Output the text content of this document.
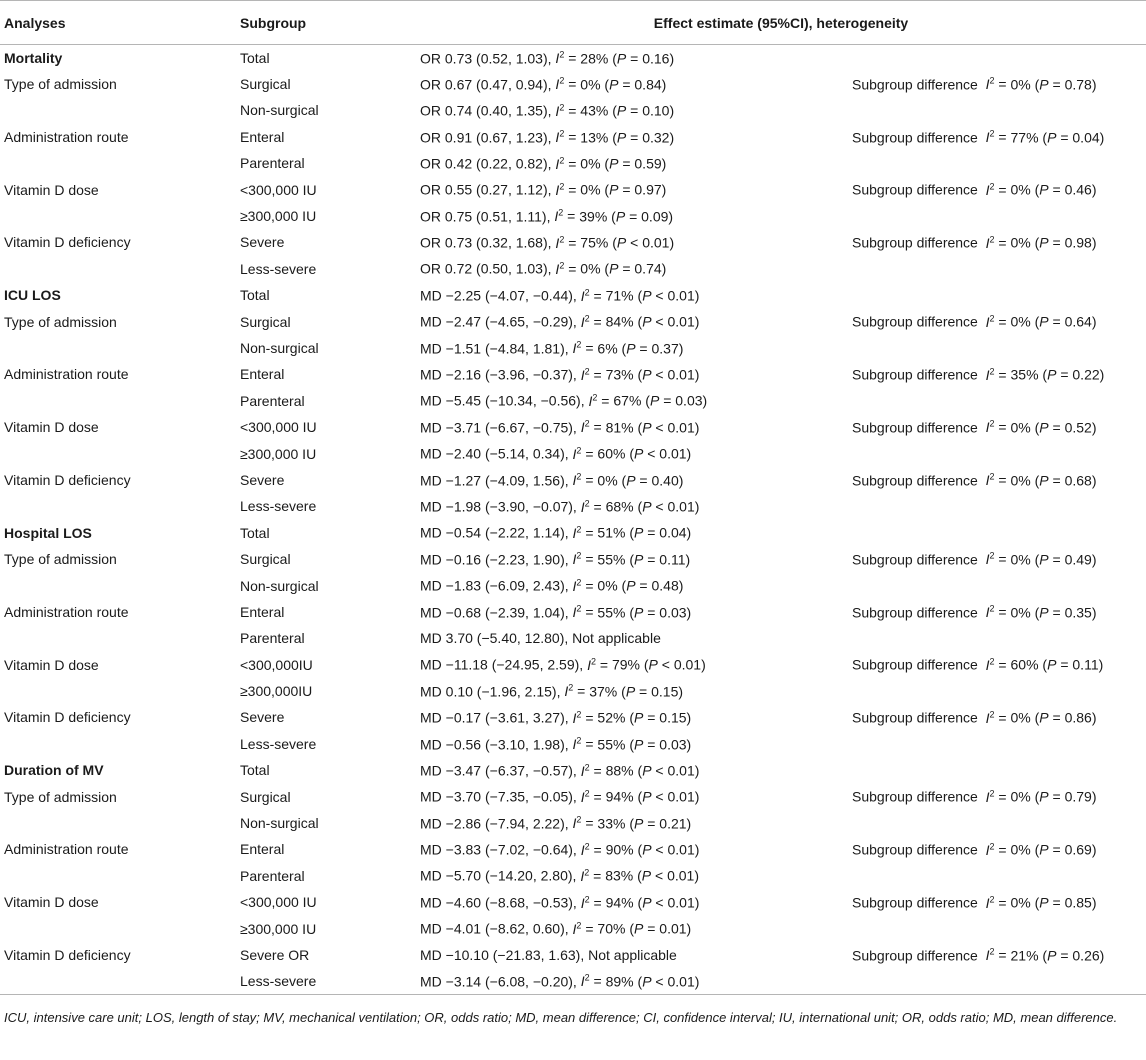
Analyses	Subgroup	Effect estimate (95%CI), heterogeneity	
Mortality	Total	OR 0.73 (0.52, 1.03), $I^2 = 28\%$ (P = 0.16)	
Type of admission	Surgical	OR 0.67 (0.47, 0.94), $I^2 = 0\%$ (P = 0.84)	Subgroup difference $I^2 = 0\%$ (P = 0.78)
	Non-surgical	OR 0.74 (0.40, 1.35), $I^2 = 43\%$ (P = 0.10)	
Administration route	Enteral	OR 0.91 (0.67, 1.23), $I^2 = 13\%$ (P = 0.32)	Subgroup difference $I^2 = 77\%$ (P = 0.04)
	Parenteral	OR 0.42 (0.22, 0.82), $I^2 = 0\%$ (P = 0.59)	
Vitamin D dose	<300,000 IU	OR 0.55 (0.27, 1.12), $I^2 = 0\%$ (P = 0.97)	Subgroup difference $I^2 = 0\%$ (P = 0.46)
	≥300,000 IU	OR 0.75 (0.51, 1.11), $I^2 = 39\%$ (P = 0.09)	
Vitamin D deficiency	Severe	OR 0.73 (0.32, 1.68), $I^2 = 75\%$ (P < 0.01)	Subgroup difference $I^2 = 0\%$ (P = 0.98)
	Less-severe	OR 0.72 (0.50, 1.03), $I^2 = 0\%$ (P = 0.74)	
ICU LOS	Total	MD −2.25 (−4.07, −0.44), $I^2 = 71\%$ (P < 0.01)	
Type of admission	Surgical	MD −2.47 (−4.65, −0.29), $I^2 = 84\%$ (P < 0.01)	Subgroup difference $I^2 = 0\%$ (P = 0.64)
	Non-surgical	MD −1.51 (−4.84, 1.81), $I^2 = 6\%$ (P = 0.37)	
Administration route	Enteral	MD −2.16 (−3.96, −0.37), $I^2 = 73\%$ (P < 0.01)	Subgroup difference $I^2 = 35\%$ (P = 0.22)
	Parenteral	MD −5.45 (−10.34, −0.56), $I^2 = 67\%$ (P = 0.03)	
Vitamin D dose	<300,000 IU	MD −3.71 (−6.67, −0.75), $I^2 = 81\%$ (P < 0.01)	Subgroup difference $I^2 = 0\%$ (P = 0.52)
	≥300,000 IU	MD −2.40 (−5.14, 0.34), $I^2 = 60\%$ (P < 0.01)	
Vitamin D deficiency	Severe	MD −1.27 (−4.09, 1.56), $I^2 = 0\%$ (P = 0.40)	Subgroup difference $I^2 = 0\%$ (P = 0.68)
	Less-severe	MD −1.98 (−3.90, −0.07), $I^2 = 68\%$ (P < 0.01)	
Hospital LOS	Total	MD −0.54 (−2.22, 1.14), $I^2 = 51\%$ (P = 0.04)	
Type of admission	Surgical	MD −0.16 (−2.23, 1.90), $I^2 = 55\%$ (P = 0.11)	Subgroup difference $I^2 = 0\%$ (P = 0.49)
	Non-surgical	MD −1.83 (−6.09, 2.43), $I^2 = 0\%$ (P = 0.48)	
Administration route	Enteral	MD −0.68 (−2.39, 1.04), $I^2 = 55\%$ (P = 0.03)	Subgroup difference $I^2 = 0\%$ (P = 0.35)
	Parenteral	MD 3.70 (−5.40, 12.80), Not applicable	
Vitamin D dose	<300,000IU	MD −11.18 (−24.95, 2.59), $I^2 = 79\%$ (P < 0.01)	Subgroup difference $I^2 = 60\%$ (P = 0.11)
	≥300,000IU	MD 0.10 (−1.96, 2.15), $I^2 = 37\%$ (P = 0.15)	
Vitamin D deficiency	Severe	MD −0.17 (−3.61, 3.27), $I^2 = 52\%$ (P = 0.15)	Subgroup difference $I^2 = 0\%$ (P = 0.86)
	Less-severe	MD −0.56 (−3.10, 1.98), $I^2 = 55\%$ (P = 0.03)	
Duration of MV	Total	MD −3.47 (−6.37, −0.57), $I^2 = 88\%$ (P < 0.01)	
Type of admission	Surgical	MD −3.70 (−7.35, −0.05), $I^2 = 94\%$ (P < 0.01)	Subgroup difference $I^2 = 0\%$ (P = 0.79)
	Non-surgical	MD −2.86 (−7.94, 2.22), $I^2 = 33\%$ (P = 0.21)	
Administration route	Enteral	MD −3.83 (−7.02, −0.64), $I^2 = 90\%$ (P < 0.01)	Subgroup difference $I^2 = 0\%$ (P = 0.69)
	Parenteral	MD −5.70 (−14.20, 2.80), $I^2 = 83\%$ (P < 0.01)	
Vitamin D dose	<300,000 IU	MD −4.60 (−8.68, −0.53), $I^2 = 94\%$ (P < 0.01)	Subgroup difference $I^2 = 0\%$ (P = 0.85)
	≥300,000 IU	MD −4.01 (−8.62, 0.60), $I^2 = 70\%$ (P = 0.01)	
Vitamin D deficiency	Severe OR	MD −10.10 (−21.83, 1.63), Not applicable	Subgroup difference $I^2 = 21\%$ (P = 0.26)
	Less-severe	MD −3.14 (−6.08, −0.20), $I^2 = 89\%$ (P < 0.01)	
ICU, intensive care unit; LOS, length of stay; MV, mechanical ventilation; OR, odds ratio; MD, mean difference; CI, confidence interval; IU, international unit; OR, odds ratio; MD, mean difference.
